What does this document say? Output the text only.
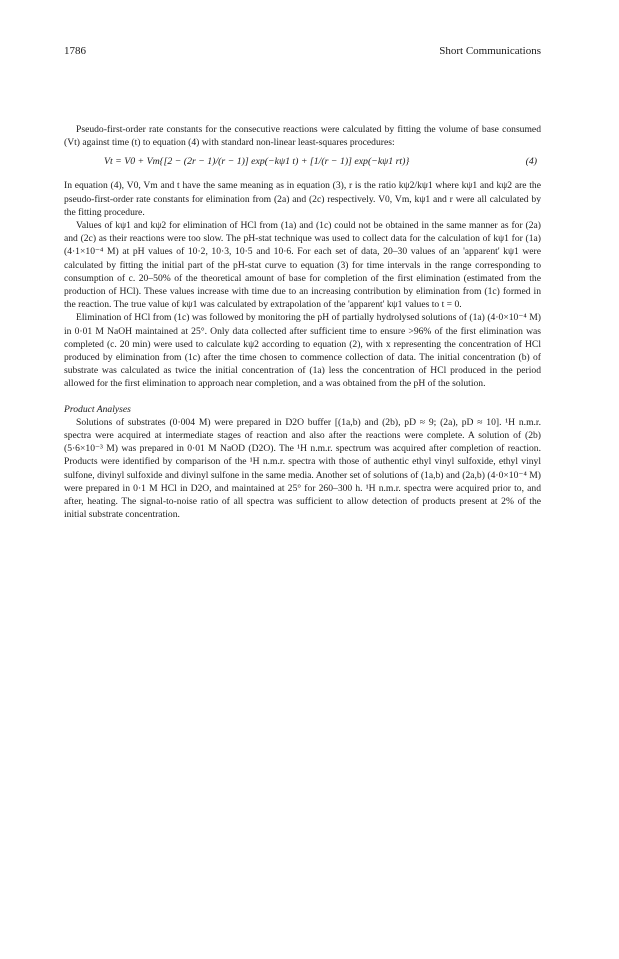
1786	Short Communications

Pseudo-first-order rate constants for the consecutive reactions were calculated by fitting the volume of base consumed (Vt) against time (t) to equation (4) with standard non-linear least-squares procedures:

Vt = V0 + Vm{[2 − (2r − 1)/(r − 1)] exp(−kψ1 t) + [1/(r − 1)] exp(−kψ1 rt)}	(4)

In equation (4), V0, Vm and t have the same meaning as in equation (3), r is the ratio kψ2/kψ1 where kψ1 and kψ2 are the pseudo-first-order rate constants for elimination from (2a) and (2c) respectively. V0, Vm, kψ1 and r were all calculated by the fitting procedure.

Values of kψ1 and kψ2 for elimination of HCl from (1a) and (1c) could not be obtained in the same manner as for (2a) and (2c) as their reactions were too slow. The pH-stat technique was used to collect data for the calculation of kψ1 for (1a) (4·1×10⁻⁴ M) at pH values of 10·2, 10·3, 10·5 and 10·6. For each set of data, 20–30 values of an 'apparent' kψ1 were calculated by fitting the initial part of the pH-stat curve to equation (3) for time intervals in the range corresponding to consumption of c. 20–50% of the theoretical amount of base for completion of the first elimination (estimated from the production of HCl). These values increase with time due to an increasing contribution by elimination from (1c) formed in the reaction. The true value of kψ1 was calculated by extrapolation of the 'apparent' kψ1 values to t = 0.

Elimination of HCl from (1c) was followed by monitoring the pH of partially hydrolysed solutions of (1a) (4·0×10⁻⁴ M) in 0·01 M NaOH maintained at 25°. Only data collected after sufficient time to ensure >96% of the first elimination was completed (c. 20 min) were used to calculate kψ2 according to equation (2), with x representing the concentration of HCl produced by elimination from (1c) after the time chosen to commence collection of data. The initial concentration (b) of substrate was calculated as twice the initial concentration of (1a) less the concentration of HCl produced in the period allowed for the first elimination to approach near completion, and a was obtained from the pH of the solution.

Product Analyses

Solutions of substrates (0·004 M) were prepared in D2O buffer [(1a,b) and (2b), pD ≈ 9; (2a), pD ≈ 10]. ¹H n.m.r. spectra were acquired at intermediate stages of reaction and also after the reactions were complete. A solution of (2b) (5·6×10⁻³ M) was prepared in 0·01 M NaOD (D2O). The ¹H n.m.r. spectrum was acquired after completion of reaction. Products were identified by comparison of the ¹H n.m.r. spectra with those of authentic ethyl vinyl sulfoxide, ethyl vinyl sulfone, divinyl sulfoxide and divinyl sulfone in the same media. Another set of solutions of (1a,b) and (2a,b) (4·0×10⁻⁴ M) were prepared in 0·1 M HCl in D2O, and maintained at 25° for 260–300 h. ¹H n.m.r. spectra were acquired prior to, and after, heating. The signal-to-noise ratio of all spectra was sufficient to allow detection of products present at 2% of the initial substrate concentration.
